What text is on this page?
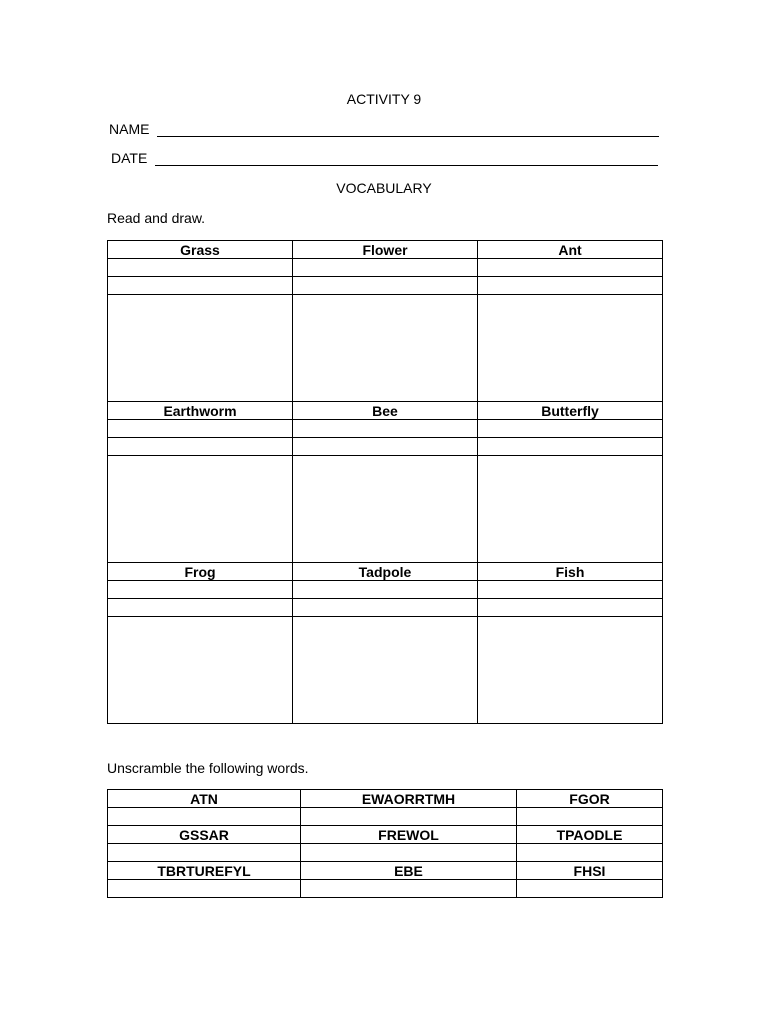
ACTIVITY 9
NAME
DATE
VOCABULARY
Read and draw.
Grass	Flower	Ant

Earthworm	Bee	Butterfly

Frog	Tadpole	Fish

Unscramble the following words.
ATN	EWAORRTMH	FGOR

GSSAR	FREWOL	TPAODLE

TBRTUREFYL	EBE	FHSI
